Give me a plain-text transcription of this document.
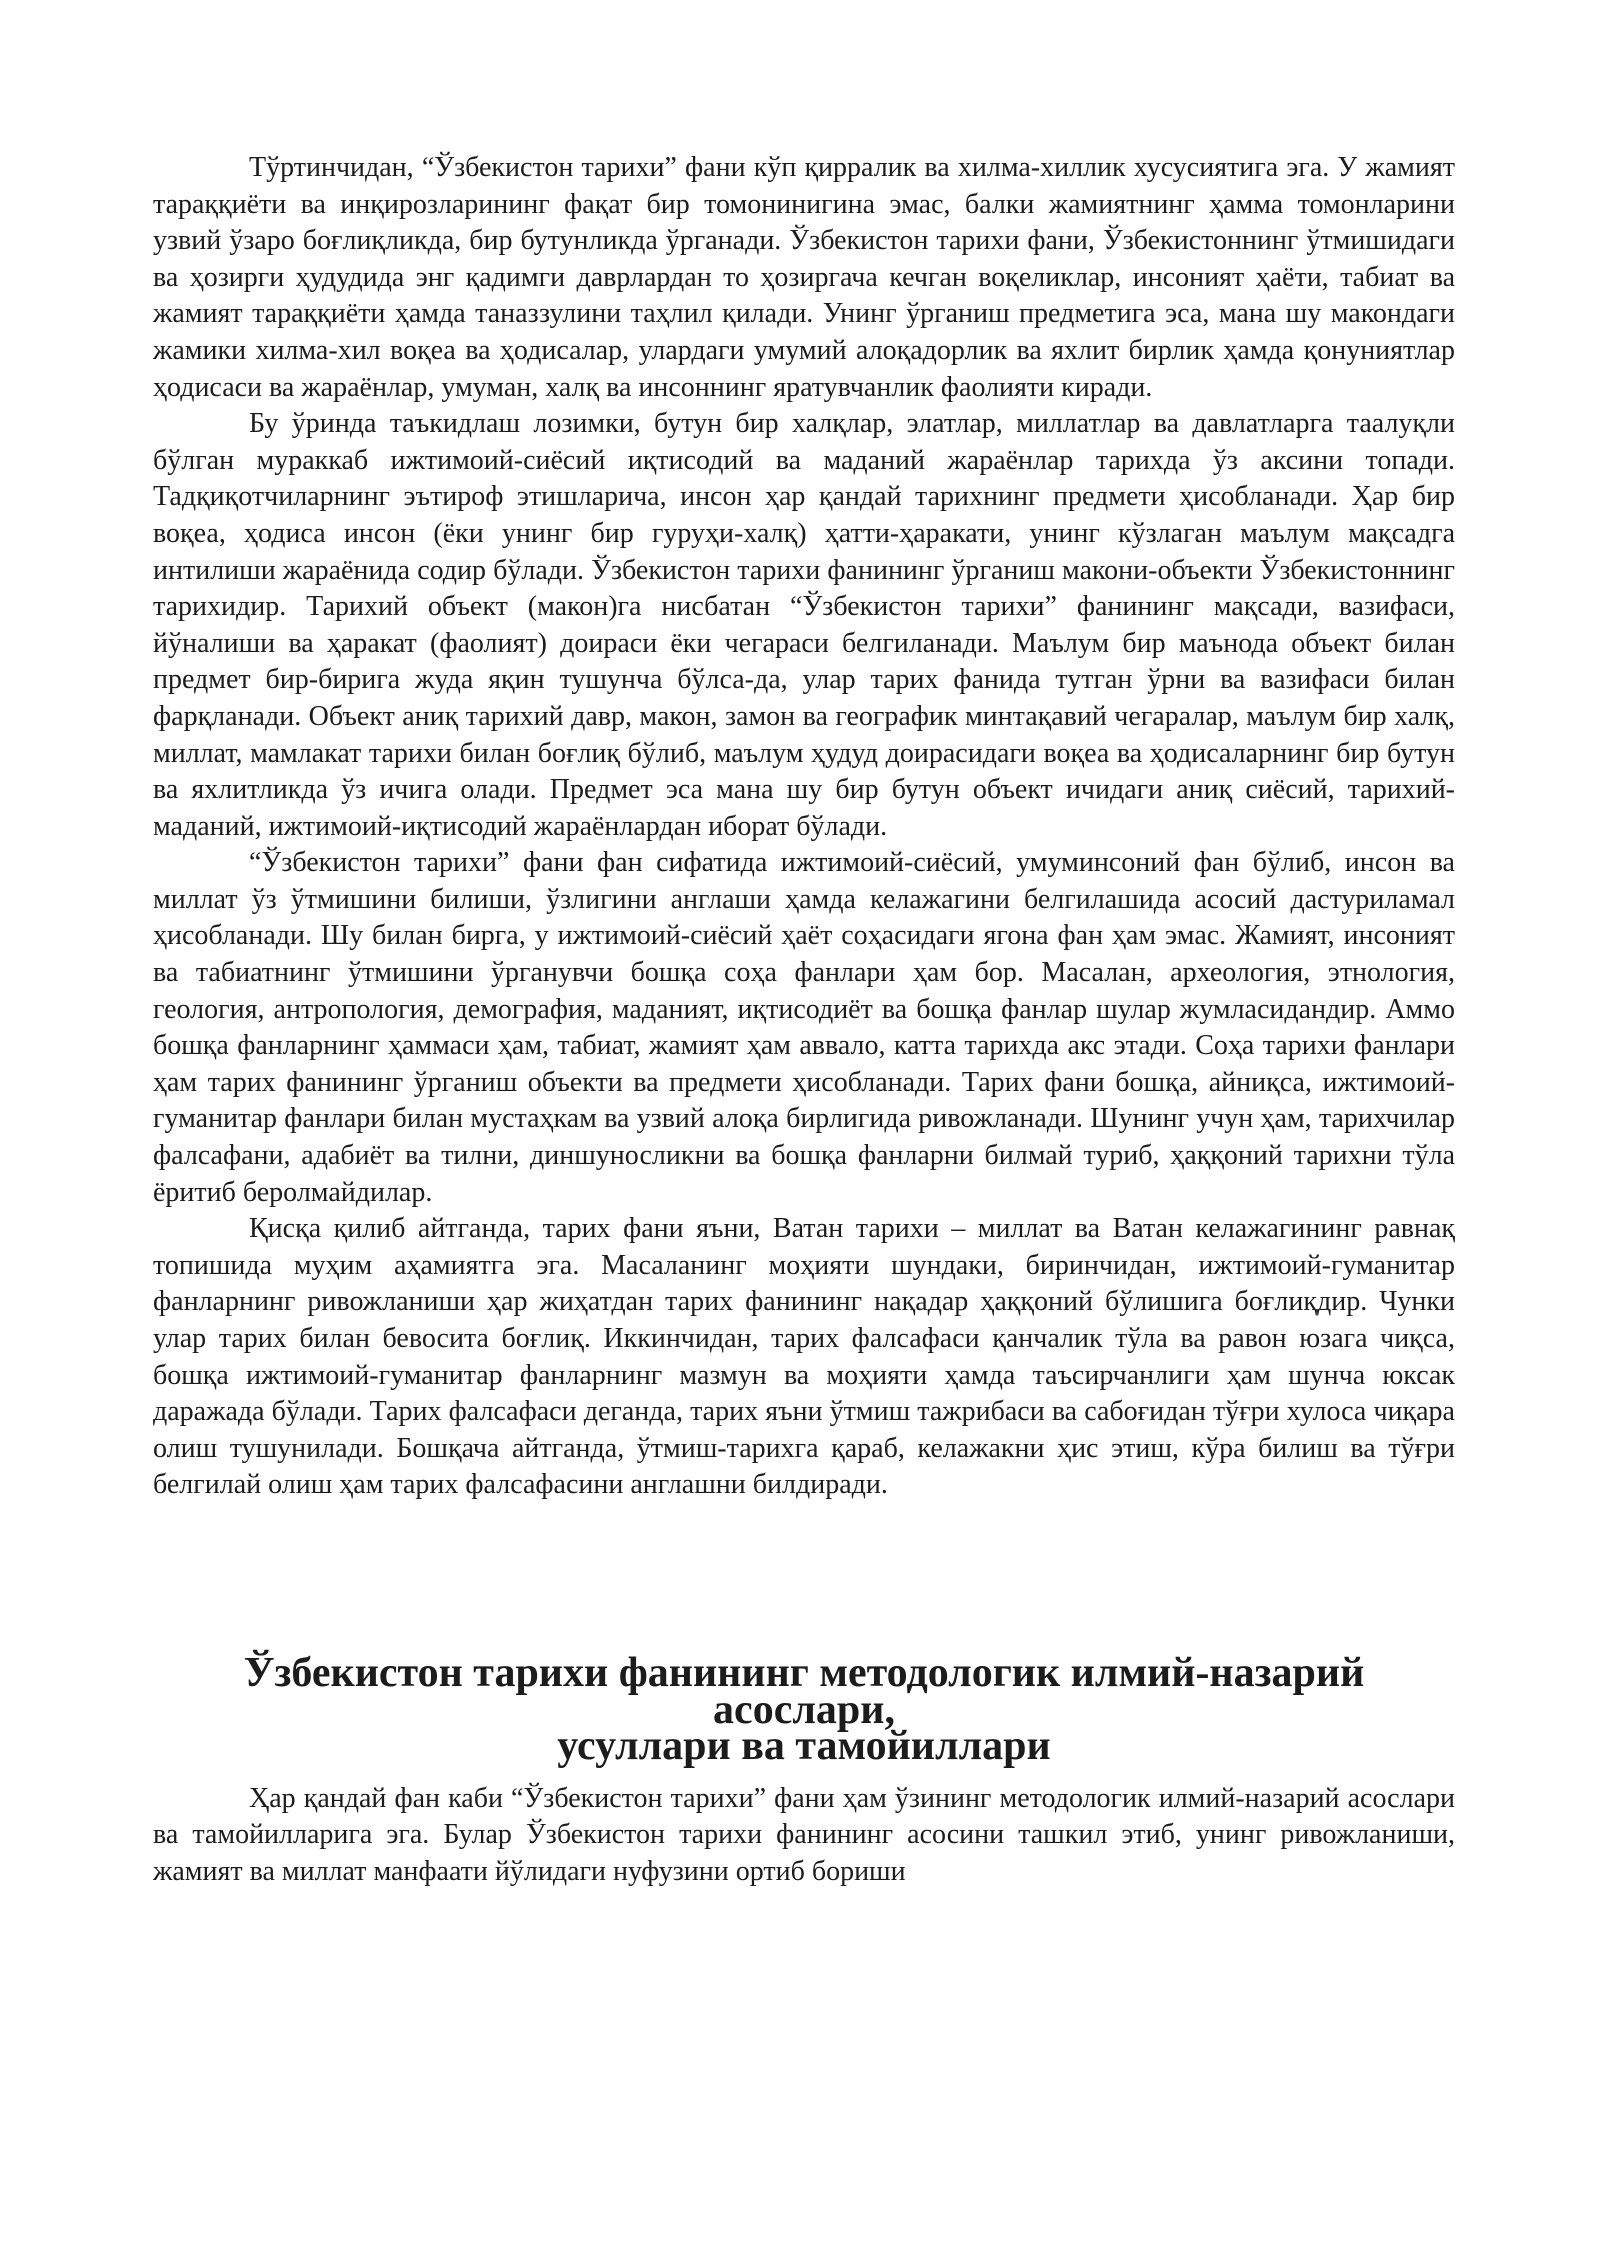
Тўртинчидан, “Ўзбекистон тарихи” фани кўп қирралик ва хилма-хиллик хусусиятига эга. У жамият тараққиёти ва инқирозларининг фақат бир томонинигина эмас, балки жамиятнинг ҳамма томонларини узвий ўзаро боғлиқликда, бир бутунликда ўрганади. Ўзбекистон тарихи фани, Ўзбекистоннинг ўтмишидаги ва ҳозирги ҳудудида энг қадимги даврлардан то ҳозиргача кечган воқеликлар, инсоният ҳаёти, табиат ва жамият тараққиёти ҳамда таназзулини таҳлил қилади. Унинг ўрганиш предметига эса, мана шу макондаги жамики хилма-хил воқеа ва ҳодисалар, улардаги умумий алоқадорлик ва яхлит бирлик ҳамда қонуниятлар ҳодисаси ва жараёнлар, умуман, халқ ва инсоннинг яратувчанлик фаолияти киради.

Бу ўринда таъкидлаш лозимки, бутун бир халқлар, элатлар, миллатлар ва давлатларга таалуқли бўлган мураккаб ижтимоий-сиёсий иқтисодий ва маданий жараёнлар тарихда ўз аксини топади. Тадқиқотчиларнинг эътироф этишларича, инсон ҳар қандай тарихнинг предмети ҳисобланади. Ҳар бир воқеа, ҳодиса инсон (ёки унинг бир гуруҳи-халқ) ҳатти-ҳаракати, унинг кўзлаган маълум мақсадга интилиши жараёнида содир бўлади. Ўзбекистон тарихи фанининг ўрганиш макони-объекти Ўзбекистоннинг тарихидир. Тарихий объект (макон)га нисбатан “Ўзбекистон тарихи” фанининг мақсади, вазифаси, йўналиши ва ҳаракат (фаолият) доираси ёки чегараси белгиланади. Маълум бир маънода объект билан предмет бир-бирига жуда яқин тушунча бўлса-да, улар тарих фанида тутган ўрни ва вазифаси билан фарқланади. Объект аниқ тарихий давр, макон, замон ва географик минтақавий чегаралар, маълум бир халқ, миллат, мамлакат тарихи билан боғлиқ бўлиб, маълум ҳудуд доирасидаги воқеа ва ҳодисаларнинг бир бутун ва яхлитликда ўз ичига олади. Предмет эса мана шу бир бутун объект ичидаги аниқ сиёсий, тарихий-маданий, ижтимоий-иқтисодий жараёнлардан иборат бўлади.

“Ўзбекистон тарихи” фани фан сифатида ижтимоий-сиёсий, умуминсоний фан бўлиб, инсон ва миллат ўз ўтмишини билиши, ўзлигини англаши ҳамда келажагини белгилашида асосий дастуриламал ҳисобланади. Шу билан бирга, у ижтимоий-сиёсий ҳаёт соҳасидаги ягона фан ҳам эмас. Жамият, инсоният ва табиатнинг ўтмишини ўрганувчи бошқа соҳа фанлари ҳам бор. Масалан, археология, этнология, геология, антропология, демография, маданият, иқтисодиёт ва бошқа фанлар шулар жумласидандир. Аммо бошқа фанларнинг ҳаммаси ҳам, табиат, жамият ҳам аввало, катта тарихда акс этади. Соҳа тарихи фанлари ҳам тарих фанининг ўрганиш объекти ва предмети ҳисобланади. Тарих фани бошқа, айниқса, ижтимоий-гуманитар фанлари билан мустаҳкам ва узвий алоқа бирлигида ривожланади. Шунинг учун ҳам, тарихчилар фалсафани, адабиёт ва тилни, диншуносликни ва бошқа фанларни билмай туриб, ҳаққоний тарихни тўла ёритиб беролмайдилар.

Қисқа қилиб айтганда, тарих фани яъни, Ватан тарихи – миллат ва Ватан келажагининг равнақ топишида муҳим аҳамиятга эга. Масаланинг моҳияти шундаки, биринчидан, ижтимоий-гуманитар фанларнинг ривожланиши ҳар жиҳатдан тарих фанининг нақадар ҳаққоний бўлишига боғлиқдир. Чунки улар тарих билан бевосита боғлиқ. Иккинчидан, тарих фалсафаси қанчалик тўла ва равон юзага чиқса, бошқа ижтимоий-гуманитар фанларнинг мазмун ва моҳияти ҳамда таъсирчанлиги ҳам шунча юксак даражада бўлади. Тарих фалсафаси деганда, тарих яъни ўтмиш тажрибаси ва сабоғидан тўғри хулоса чиқара олиш тушунилади. Бошқача айтганда, ўтмиш-тарихга қараб, келажакни ҳис этиш, кўра билиш ва тўғри белгилай олиш ҳам тарих фалсафасини англашни билдиради.

Ўзбекистон тарихи фанининг методологик илмий-назарий асослари,
усуллари ва тамойиллари

Ҳар қандай фан каби “Ўзбекистон тарихи” фани ҳам ўзининг методологик илмий-назарий асослари ва тамойилларига эга. Булар Ўзбекистон тарихи фанининг асосини ташкил этиб, унинг ривожланиши, жамият ва миллат манфаати йўлидаги нуфузини ортиб бориши
